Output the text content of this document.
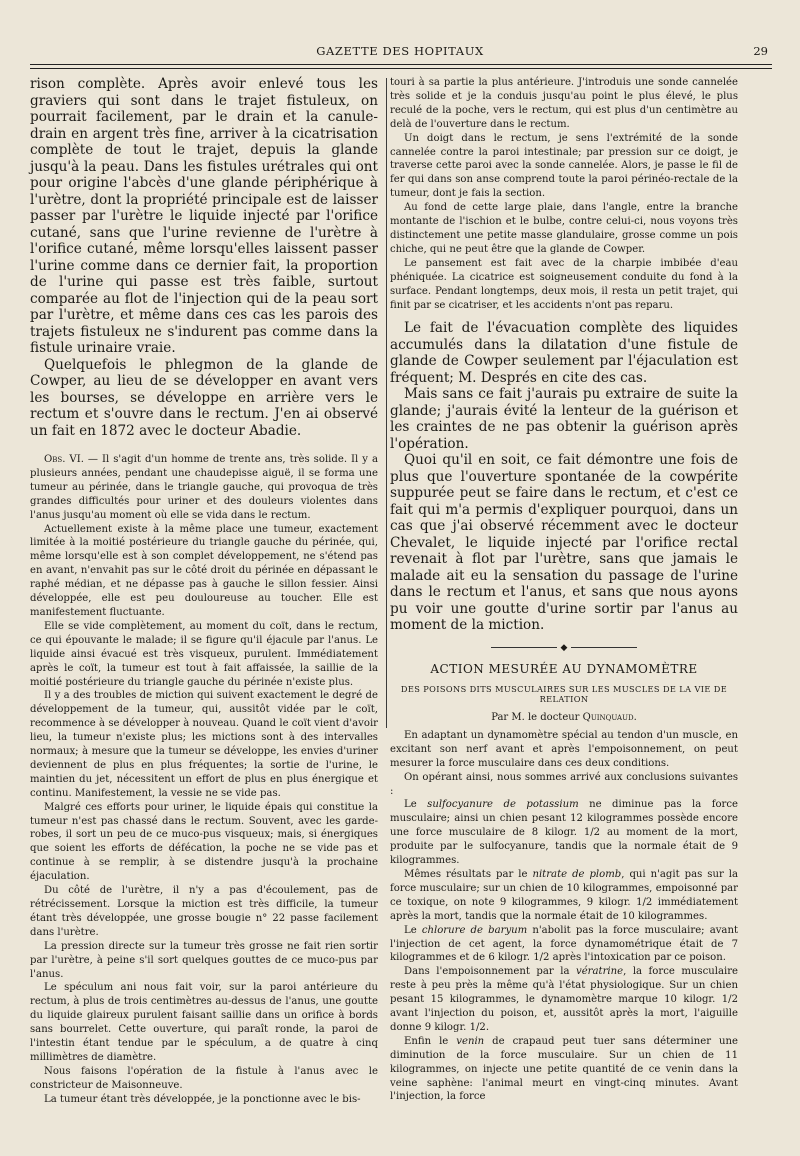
GAZETTE DES HOPITAUX	29

rison complète. Après avoir enlevé tous les graviers qui sont dans le trajet fistuleux, on pourrait facilement, par le drain et la canule-drain en argent très fine, arriver à la cicatrisation complète de tout le trajet, depuis la glande jusqu'à la peau. Dans les fistules urétrales qui ont pour origine l'abcès d'une glande périphérique à l'urètre, dont la propriété principale est de laisser passer par l'urètre le liquide injecté par l'orifice cutané, sans que l'urine revienne de l'urètre à l'orifice cutané, même lorsqu'elles laissent passer l'urine comme dans ce dernier fait, la proportion de l'urine qui passe est très faible, surtout comparée au flot de l'injection qui de la peau sort par l'urètre, et même dans ces cas les parois des trajets fistuleux ne s'indurent pas comme dans la fistule urinaire vraie.

Quelquefois le phlegmon de la glande de Cowper, au lieu de se développer en avant vers les bourses, se développe en arrière vers le rectum et s'ouvre dans le rectum. J'en ai observé un fait en 1872 avec le docteur Abadie.

Obs. VI. — Il s'agit d'un homme de trente ans, très solide. Il y a plusieurs années, pendant une chaudepisse aiguë, il se forma une tumeur au périnée, dans le triangle gauche, qui provoqua de très grandes difficultés pour uriner et des douleurs violentes dans l'anus jusqu'au moment où elle se vida dans le rectum.

Actuellement existe à la même place une tumeur, exactement limitée à la moitié postérieure du triangle gauche du périnée, qui, même lorsqu'elle est à son complet développement, ne s'étend pas en avant, n'envahit pas sur le côté droit du périnée en dépassant le raphé médian, et ne dépasse pas à gauche le sillon fessier. Ainsi développée, elle est peu douloureuse au toucher. Elle est manifestement fluctuante.

Elle se vide complètement, au moment du coït, dans le rectum, ce qui épouvante le malade; il se figure qu'il éjacule par l'anus. Le liquide ainsi évacué est très visqueux, purulent. Immédiatement après le coït, la tumeur est tout à fait affaissée, la saillie de la moitié postérieure du triangle gauche du périnée n'existe plus.

Il y a des troubles de miction qui suivent exactement le degré de développement de la tumeur, qui, aussitôt vidée par le coït, recommence à se développer à nouveau. Quand le coït vient d'avoir lieu, la tumeur n'existe plus; les mictions sont à des intervalles normaux; à mesure que la tumeur se développe, les envies d'uriner deviennent de plus en plus fréquentes; la sortie de l'urine, le maintien du jet, nécessitent un effort de plus en plus énergique et continu. Manifestement, la vessie ne se vide pas.

Malgré ces efforts pour uriner, le liquide épais qui constitue la tumeur n'est pas chassé dans le rectum. Souvent, avec les garde-robes, il sort un peu de ce muco-pus visqueux; mais, si énergiques que soient les efforts de défécation, la poche ne se vide pas et continue à se remplir, à se distendre jusqu'à la prochaine éjaculation.

Du côté de l'urètre, il n'y a pas d'écoulement, pas de rétrécissement. Lorsque la miction est très difficile, la tumeur étant très développée, une grosse bougie n° 22 passe facilement dans l'urètre.

La pression directe sur la tumeur très grosse ne fait rien sortir par l'urètre, à peine s'il sort quelques gouttes de ce muco-pus par l'anus.

Le spéculum ani nous fait voir, sur la paroi antérieure du rectum, à plus de trois centimètres au-dessus de l'anus, une goutte du liquide glaireux purulent faisant saillie dans un orifice à bords sans bourrelet. Cette ouverture, qui paraît ronde, la paroi de l'intestin étant tendue par le spéculum, a de quatre à cinq millimètres de diamètre.

Nous faisons l'opération de la fistule à l'anus avec le constricteur de Maisonneuve.

La tumeur étant très développée, je la ponctionne avec le bis-

touri à sa partie la plus antérieure. J'introduis une sonde cannelée très solide et je la conduis jusqu'au point le plus élevé, le plus reculé de la poche, vers le rectum, qui est plus d'un centimètre au delà de l'ouverture dans le rectum.

Un doigt dans le rectum, je sens l'extrémité de la sonde cannelée contre la paroi intestinale; par pression sur ce doigt, je traverse cette paroi avec la sonde cannelée. Alors, je passe le fil de fer qui dans son anse comprend toute la paroi périnéo-rectale de la tumeur, dont je fais la section.

Au fond de cette large plaie, dans l'angle, entre la branche montante de l'ischion et le bulbe, contre celui-ci, nous voyons très distinctement une petite masse glandulaire, grosse comme un pois chiche, qui ne peut être que la glande de Cowper.

Le pansement est fait avec de la charpie imbibée d'eau phéniquée. La cicatrice est soigneusement conduite du fond à la surface. Pendant longtemps, deux mois, il resta un petit trajet, qui finit par se cicatriser, et les accidents n'ont pas reparu.

Le fait de l'évacuation complète des liquides accumulés dans la dilatation d'une fistule de glande de Cowper seulement par l'éjaculation est fréquent; M. Després en cite des cas.

Mais sans ce fait j'aurais pu extraire de suite la glande; j'aurais évité la lenteur de la guérison et les craintes de ne pas obtenir la guérison après l'opération.

Quoi qu'il en soit, ce fait démontre une fois de plus que l'ouverture spontanée de la cowpérite suppurée peut se faire dans le rectum, et c'est ce fait qui m'a permis d'expliquer pourquoi, dans un cas que j'ai observé récemment avec le docteur Chevalet, le liquide injecté par l'orifice rectal revenait à flot par l'urètre, sans que jamais le malade ait eu la sensation du passage de l'urine dans le rectum et l'anus, et sans que nous ayons pu voir une goutte d'urine sortir par l'anus au moment de la miction.

◆
ACTION MESURÉE AU DYNAMOMÈTRE
DES POISONS DITS MUSCULAIRES SUR LES MUSCLES DE LA VIE DE RELATION
Par M. le docteur Quinquaud.

En adaptant un dynamomètre spécial au tendon d'un muscle, en excitant son nerf avant et après l'empoisonnement, on peut mesurer la force musculaire dans ces deux conditions.

On opérant ainsi, nous sommes arrivé aux conclusions suivantes :

Le sulfocyanure de potassium ne diminue pas la force musculaire; ainsi un chien pesant 12 kilogrammes possède encore une force musculaire de 8 kilogr. 1/2 au moment de la mort, produite par le sulfocyanure, tandis que la normale était de 9 kilogrammes.

Mêmes résultats par le nitrate de plomb, qui n'agit pas sur la force musculaire; sur un chien de 10 kilogrammes, empoisonné par ce toxique, on note 9 kilogrammes, 9 kilogr. 1/2 immédiatement après la mort, tandis que la normale était de 10 kilogrammes.

Le chlorure de baryum n'abolit pas la force musculaire; avant l'injection de cet agent, la force dynamométrique était de 7 kilogrammes et de 6 kilogr. 1/2 après l'intoxication par ce poison.

Dans l'empoisonnement par la vératrine, la force musculaire reste à peu près la même qu'à l'état physiologique. Sur un chien pesant 15 kilogrammes, le dynamomètre marque 10 kilogr. 1/2 avant l'injection du poison, et, aussitôt après la mort, l'aiguille donne 9 kilogr. 1/2.

Enfin le venin de crapaud peut tuer sans déterminer une diminution de la force musculaire. Sur un chien de 11 kilogrammes, on injecte une petite quantité de ce venin dans la veine saphène: l'animal meurt en vingt-cinq minutes. Avant l'injection, la force
